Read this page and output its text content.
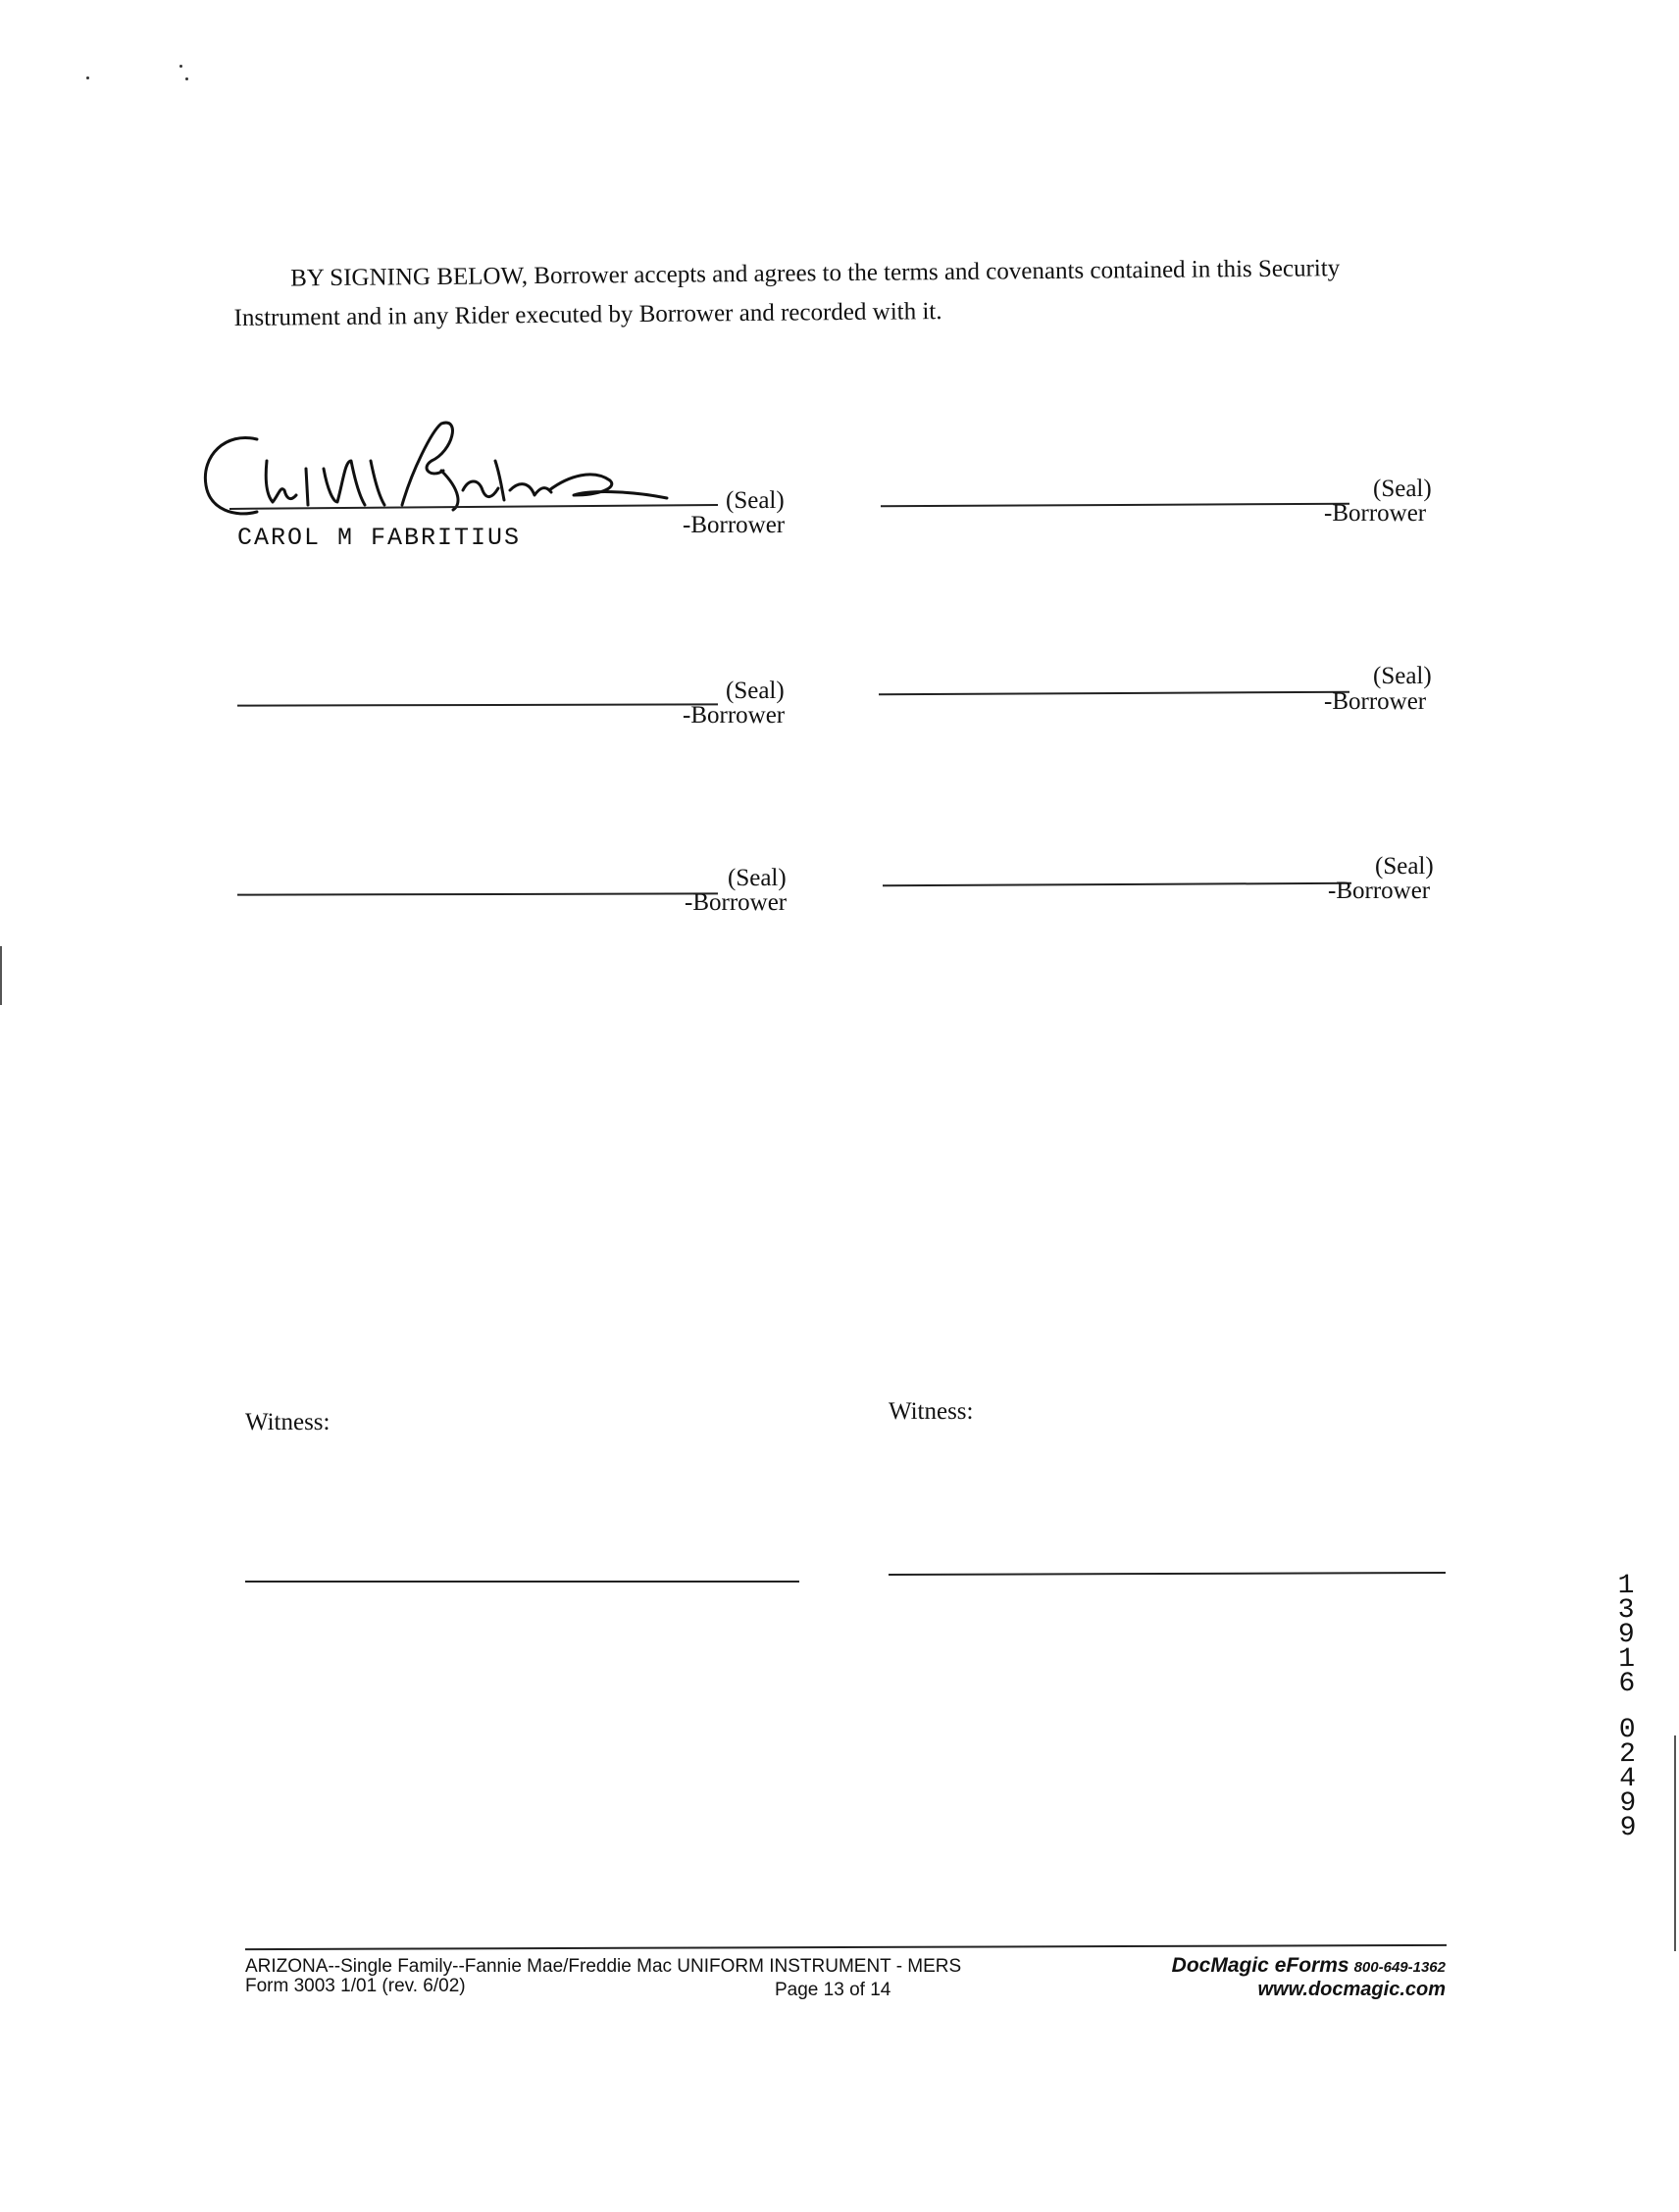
BY SIGNING BELOW, Borrower accepts and agrees to the terms and covenants contained in this Security

Instrument and in any Rider executed by Borrower and recorded with it.

(Seal)
-Borrower
CAROL M FABRITIUS
(Seal)
-Borrower
(Seal)
-Borrower
(Seal)
-Borrower
(Seal)
-Borrower
(Seal)
-Borrower
Witness:	Witness:
1
3
9
1
6
0
2
4
9
9
ARIZONA--Single Family--Fannie Mae/Freddie Mac UNIFORM INSTRUMENT - MERS
Form 3003 1/01 (rev. 6/02)	Page 13 of 14
DocMagic eForms 800-649-1362
www.docmagic.com
